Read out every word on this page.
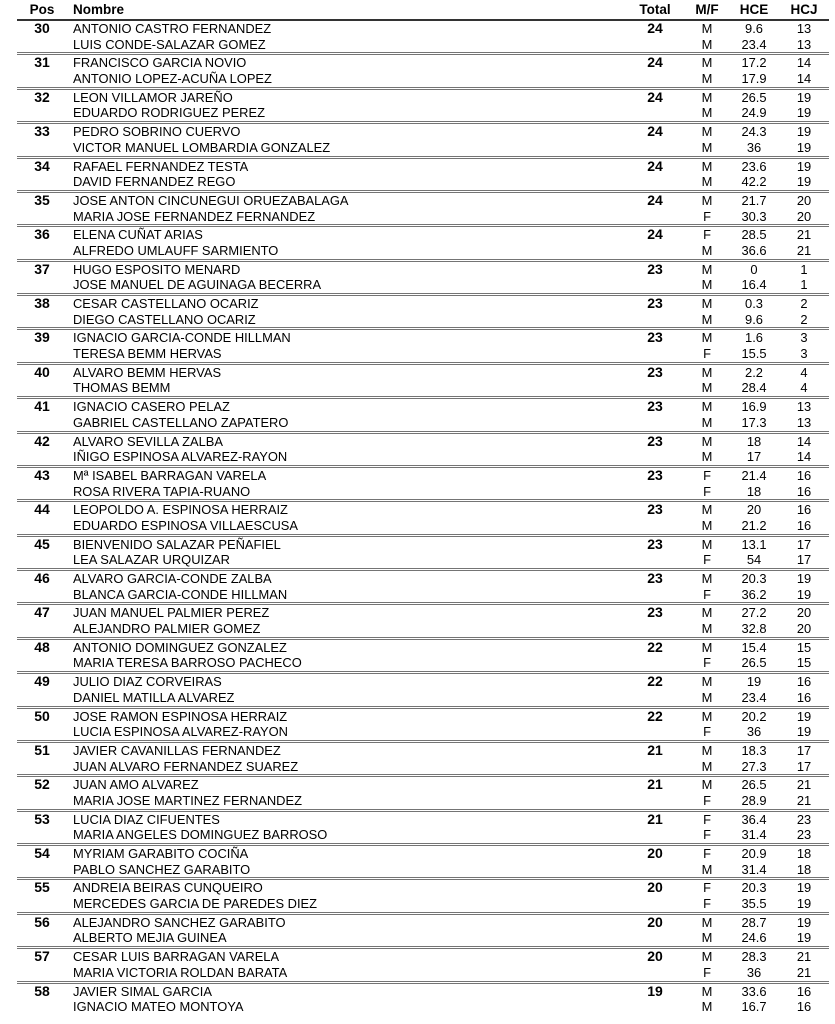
Pos	Nombre	Total	M/F	HCE	HCJ
30	ANTONIO CASTRO FERNANDEZ	24	M	9.6	13
LUIS CONDE-SALAZAR GOMEZ	M	23.4	13
31	FRANCISCO GARCIA NOVIO	24	M	17.2	14
ANTONIO LOPEZ-ACUÑA LOPEZ	M	17.9	14
32	LEON VILLAMOR JAREÑO	24	M	26.5	19
EDUARDO RODRIGUEZ PEREZ	M	24.9	19
33	PEDRO SOBRINO CUERVO	24	M	24.3	19
VICTOR MANUEL LOMBARDIA GONZALEZ	M	36	19
34	RAFAEL FERNANDEZ TESTA	24	M	23.6	19
DAVID FERNANDEZ REGO	M	42.2	19
35	JOSE ANTON CINCUNEGUI ORUEZABALAGA	24	M	21.7	20
MARIA JOSE FERNANDEZ FERNANDEZ	F	30.3	20
36	ELENA CUÑAT ARIAS	24	F	28.5	21
ALFREDO UMLAUFF SARMIENTO	M	36.6	21
37	HUGO ESPOSITO MENARD	23	M	0	1
JOSE MANUEL DE AGUINAGA BECERRA	M	16.4	1
38	CESAR CASTELLANO OCARIZ	23	M	0.3	2
DIEGO CASTELLANO OCARIZ	M	9.6	2
39	IGNACIO GARCIA-CONDE HILLMAN	23	M	1.6	3
TERESA BEMM HERVAS	F	15.5	3
40	ALVARO BEMM HERVAS	23	M	2.2	4
THOMAS BEMM	M	28.4	4
41	IGNACIO CASERO PELAZ	23	M	16.9	13
GABRIEL CASTELLANO ZAPATERO	M	17.3	13
42	ALVARO SEVILLA ZALBA	23	M	18	14
IÑIGO ESPINOSA ALVAREZ-RAYON	M	17	14
43	Mª ISABEL BARRAGAN VARELA	23	F	21.4	16
ROSA RIVERA TAPIA-RUANO	F	18	16
44	LEOPOLDO A. ESPINOSA HERRAIZ	23	M	20	16
EDUARDO ESPINOSA VILLAESCUSA	M	21.2	16
45	BIENVENIDO SALAZAR PEÑAFIEL	23	M	13.1	17
LEA SALAZAR URQUIZAR	F	54	17
46	ALVARO GARCIA-CONDE ZALBA	23	M	20.3	19
BLANCA GARCIA-CONDE HILLMAN	F	36.2	19
47	JUAN MANUEL PALMIER PEREZ	23	M	27.2	20
ALEJANDRO PALMIER GOMEZ	M	32.8	20
48	ANTONIO DOMINGUEZ GONZALEZ	22	M	15.4	15
MARIA TERESA BARROSO PACHECO	F	26.5	15
49	JULIO DIAZ CORVEIRAS	22	M	19	16
DANIEL MATILLA ALVAREZ	M	23.4	16
50	JOSE RAMON ESPINOSA HERRAIZ	22	M	20.2	19
LUCIA ESPINOSA ALVAREZ-RAYON	F	36	19
51	JAVIER CAVANILLAS FERNANDEZ	21	M	18.3	17
JUAN ALVARO FERNANDEZ SUAREZ	M	27.3	17
52	JUAN AMO ALVAREZ	21	M	26.5	21
MARIA JOSE MARTINEZ FERNANDEZ	F	28.9	21
53	LUCIA DIAZ CIFUENTES	21	F	36.4	23
MARIA ANGELES DOMINGUEZ BARROSO	F	31.4	23
54	MYRIAM GARABITO COCIÑA	20	F	20.9	18
PABLO SANCHEZ GARABITO	M	31.4	18
55	ANDREIA BEIRAS CUNQUEIRO	20	F	20.3	19
MERCEDES GARCIA DE PAREDES DIEZ	F	35.5	19
56	ALEJANDRO SANCHEZ GARABITO	20	M	28.7	19
ALBERTO MEJIA GUINEA	M	24.6	19
57	CESAR LUIS BARRAGAN VARELA	20	M	28.3	21
MARIA VICTORIA ROLDAN BARATA	F	36	21
58	JAVIER SIMAL GARCIA	19	M	33.6	16
IGNACIO MATEO MONTOYA	M	16.7	16
